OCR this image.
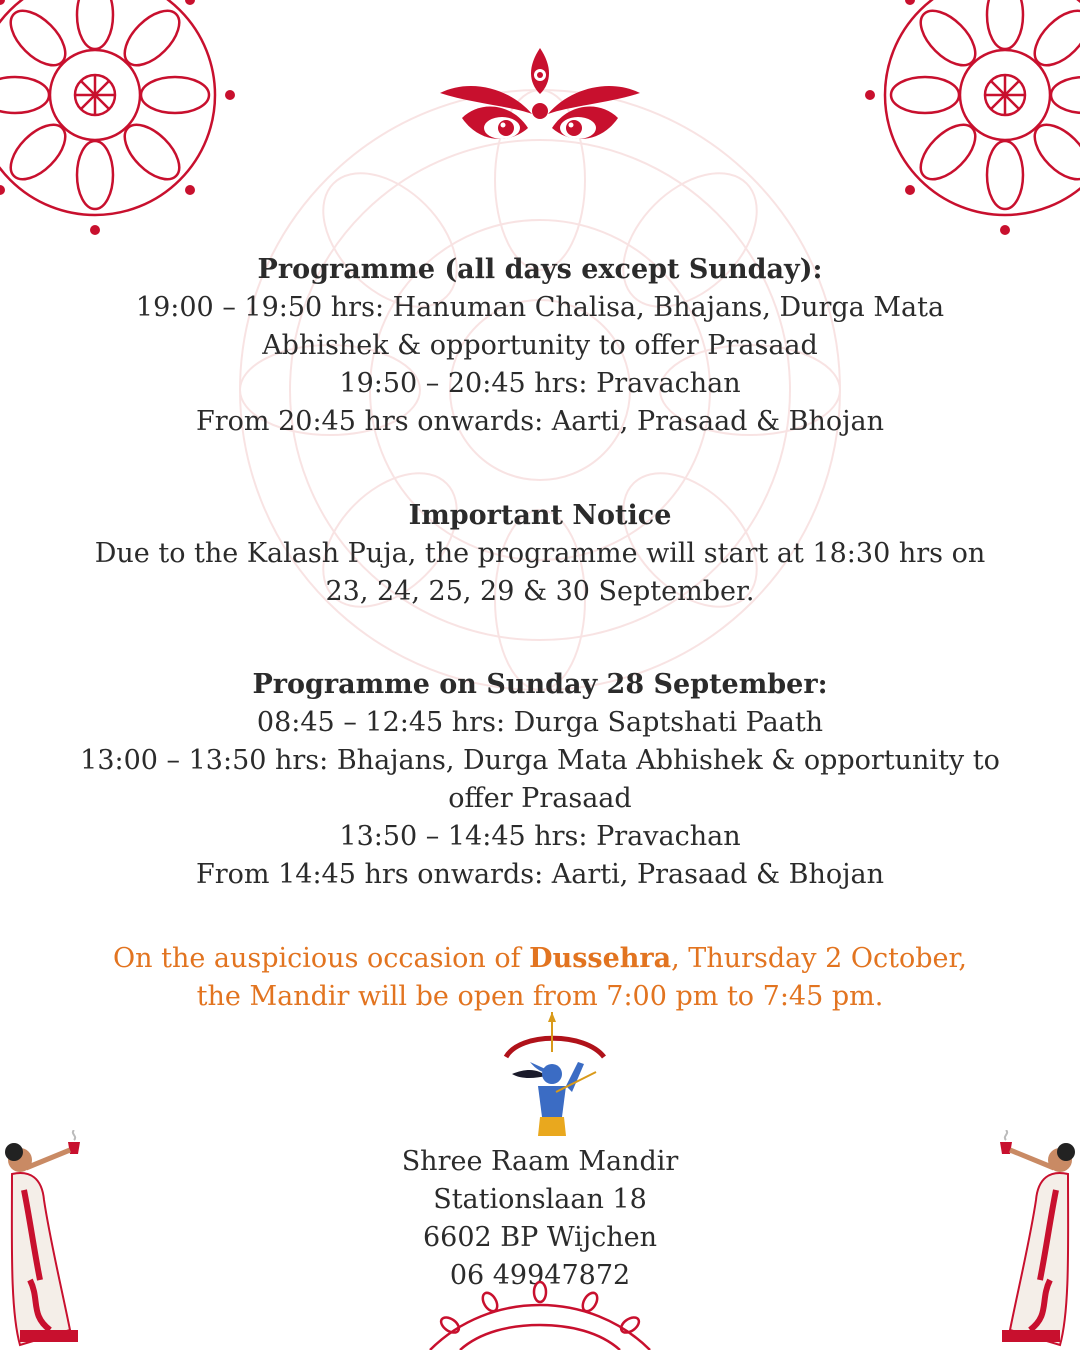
Programme (all days except Sunday):

19:00 – 19:50 hrs: Hanuman Chalisa, Bhajans, Durga Mata

Abhishek & opportunity to offer Prasaad

19:50 – 20:45 hrs: Pravachan

From 20:45 hrs onwards: Aarti, Prasaad & Bhojan

Important Notice

Due to the Kalash Puja, the programme will start at 18:30 hrs on

23, 24, 25, 29 & 30 September.

Programme on Sunday 28 September:

08:45 – 12:45 hrs: Durga Saptshati Paath

13:00 – 13:50 hrs: Bhajans, Durga Mata Abhishek & opportunity to

offer Prasaad

13:50 – 14:45 hrs: Pravachan

From 14:45 hrs onwards: Aarti, Prasaad & Bhojan

On the auspicious occasion of Dussehra, Thursday 2 October,

the Mandir will be open from 7:00 pm to 7:45 pm.

Shree Raam Mandir

Stationslaan 18

6602 BP Wijchen

06 49947872
